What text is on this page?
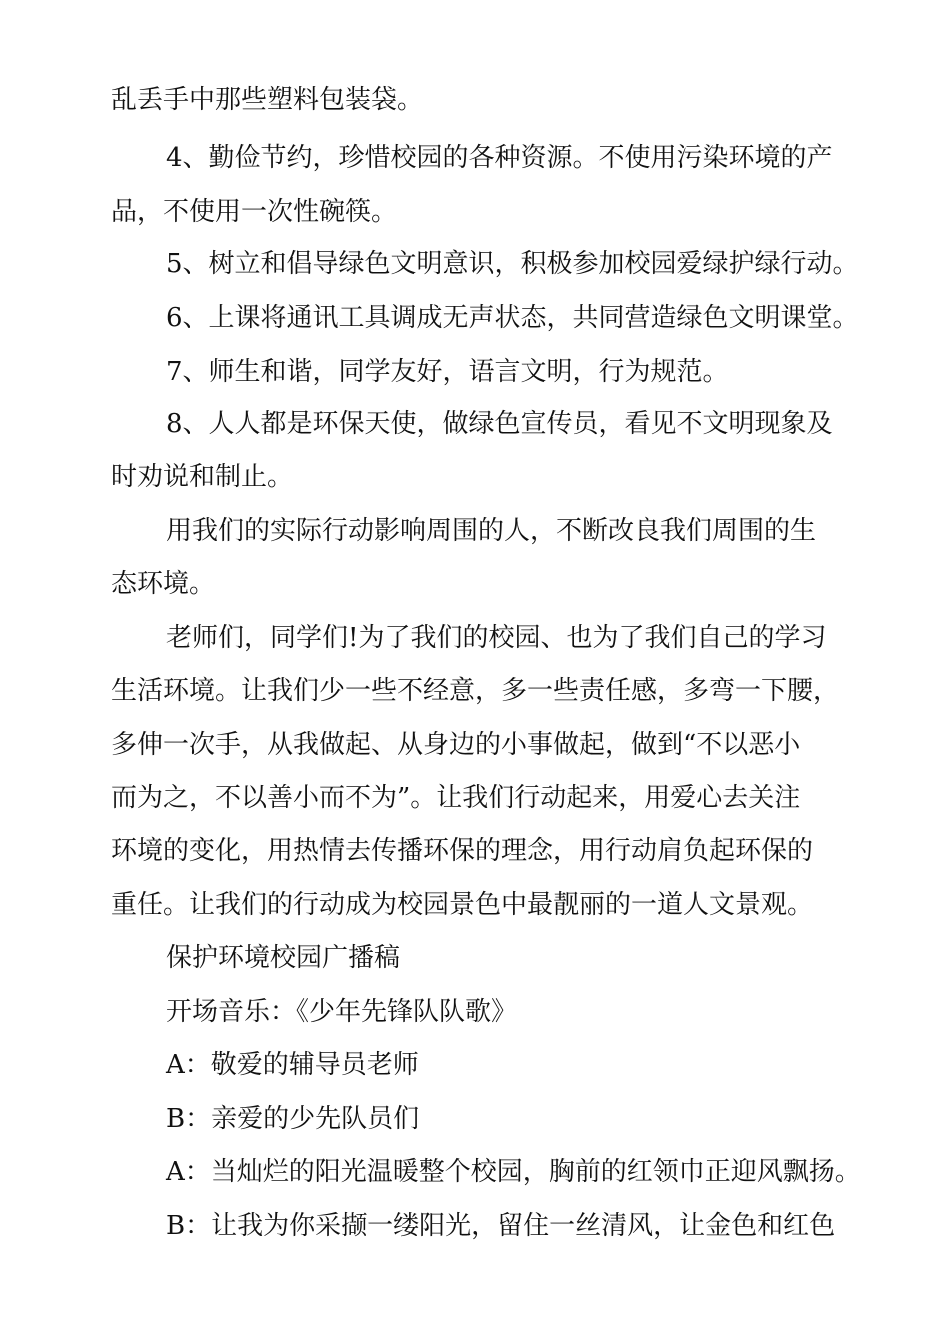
乱丢手中那些塑料包装袋。
4、勤俭节约，珍惜校园的各种资源。不使用污染环境的产
品，不使用一次性碗筷。
5、树立和倡导绿色文明意识，积极参加校园爱绿护绿行动。
6、上课将通讯工具调成无声状态，共同营造绿色文明课堂。
7、师生和谐，同学友好，语言文明，行为规范。
8、人人都是环保天使，做绿色宣传员，看见不文明现象及
时劝说和制止。
用我们的实际行动影响周围的人，不断改良我们周围的生
态环境。
老师们，同学们!为了我们的校园、也为了我们自己的学习
生活环境。让我们少一些不经意，多一些责任感，多弯一下腰，
多伸一次手，从我做起、从身边的小事做起，做到“不以恶小
而为之，不以善小而不为”。让我们行动起来，用爱心去关注
环境的变化，用热情去传播环保的理念，用行动肩负起环保的
重任。让我们的行动成为校园景色中最靓丽的一道人文景观。
保护环境校园广播稿
开场音乐：《少年先锋队队歌》
A：敬爱的辅导员老师
B：亲爱的少先队员们
A：当灿烂的阳光温暖整个校园，胸前的红领巾正迎风飘扬。
B：让我为你采撷一缕阳光，留住一丝清风，让金色和红色
